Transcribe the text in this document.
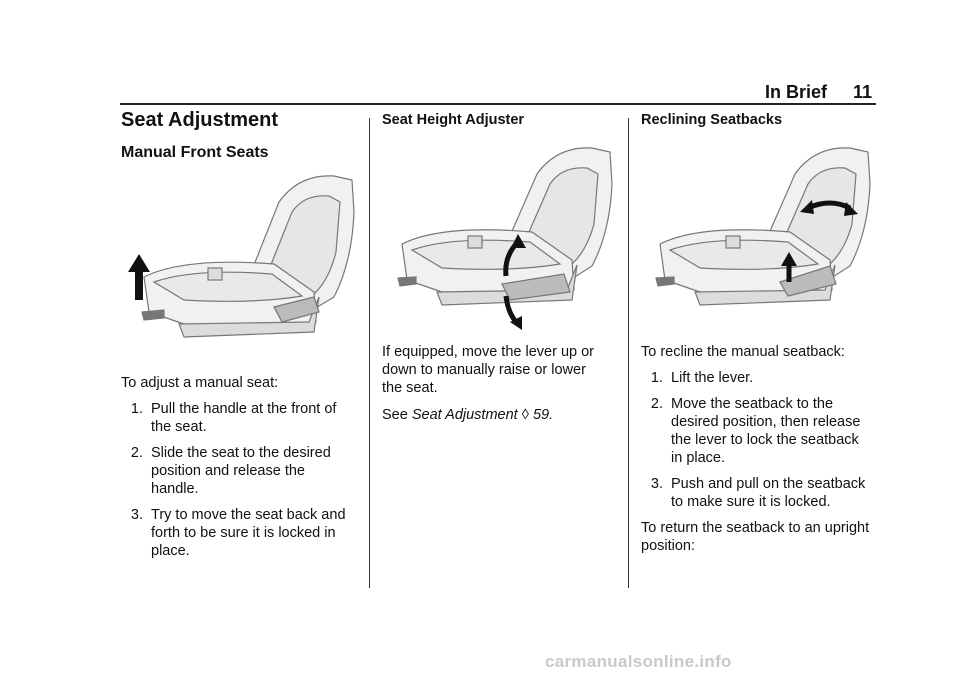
In Brief 11
Seat Adjustment
Manual Front Seats

To adjust a manual seat:

1. Pull the handle at the front of
the seat.
2. Slide the seat to the desired
position and release the
handle.
3. Try to move the seat back and
forth to be sure it is locked in
place.
Seat Height Adjuster

If equipped, move the lever up or
down to manually raise or lower
the seat.

See Seat Adjustment ◊ 59.

Reclining Seatbacks

To recline the manual seatback:

1. Lift the lever.
2. Move the seatback to the
desired position, then release
the lever to lock the seatback
in place.
3. Push and pull on the seatback
to make sure it is locked.

To return the seatback to an upright
position:

carmanualsonline.info
